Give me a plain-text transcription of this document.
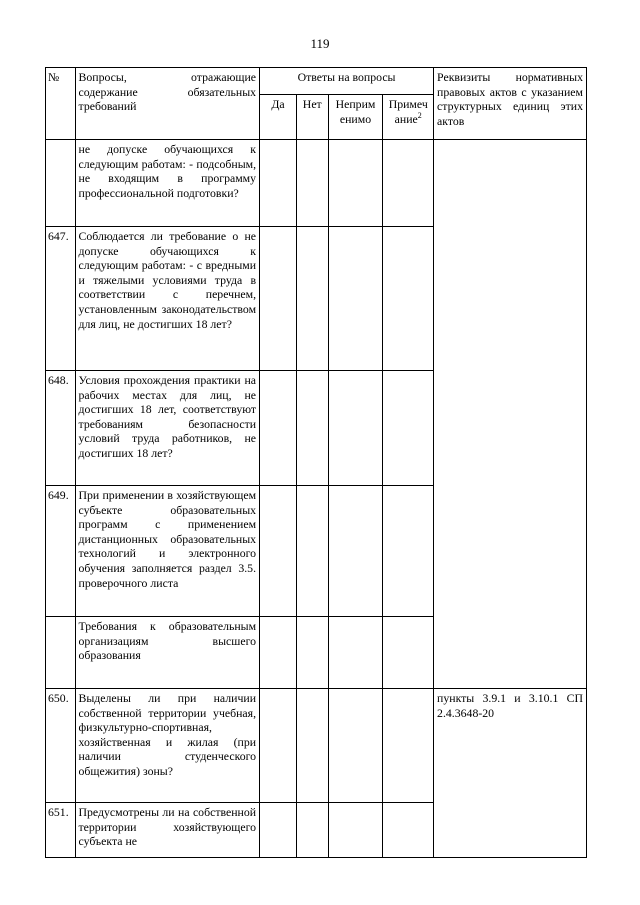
119
№	Вопросы, отражающие содержание обязательных требований	Ответы на вопросы				Реквизиты нормативных правовых актов с указанием структурных единиц этих актов
		Да	Нет	Неприм енимо	Примеч ание$^2$
	не допуске обучающихся к следующим работам: - подсобным, не входящим в программу профессиональной подготовки?					
647.	Соблюдается ли требование о не допуске обучающихся к следующим работам: - с вредными и тяжелыми условиями труда в соответствии с перечнем, установленным законодательством для лиц, не достигших 18 лет?					
648.	Условия прохождения практики на рабочих местах для лиц, не достигших 18 лет, соответствуют требованиям безопасности условий труда работников, не достигших 18 лет?					
649.	При применении в хозяйствующем субъекте образовательных программ с применением дистанционных образовательных технологий и электронного обучения заполняется раздел 3.5. проверочного листа					
	Требования к образовательным организациям высшего образования					
650.	Выделены ли при наличии собственной территории учебная, физкультурно-спортивная, хозяйственная и жилая (при наличии студенческого общежития) зоны?					пункты 3.9.1 и 3.10.1 СП 2.4.3648-20
651.	Предусмотрены ли на собственной территории хозяйствующего субъекта не					
